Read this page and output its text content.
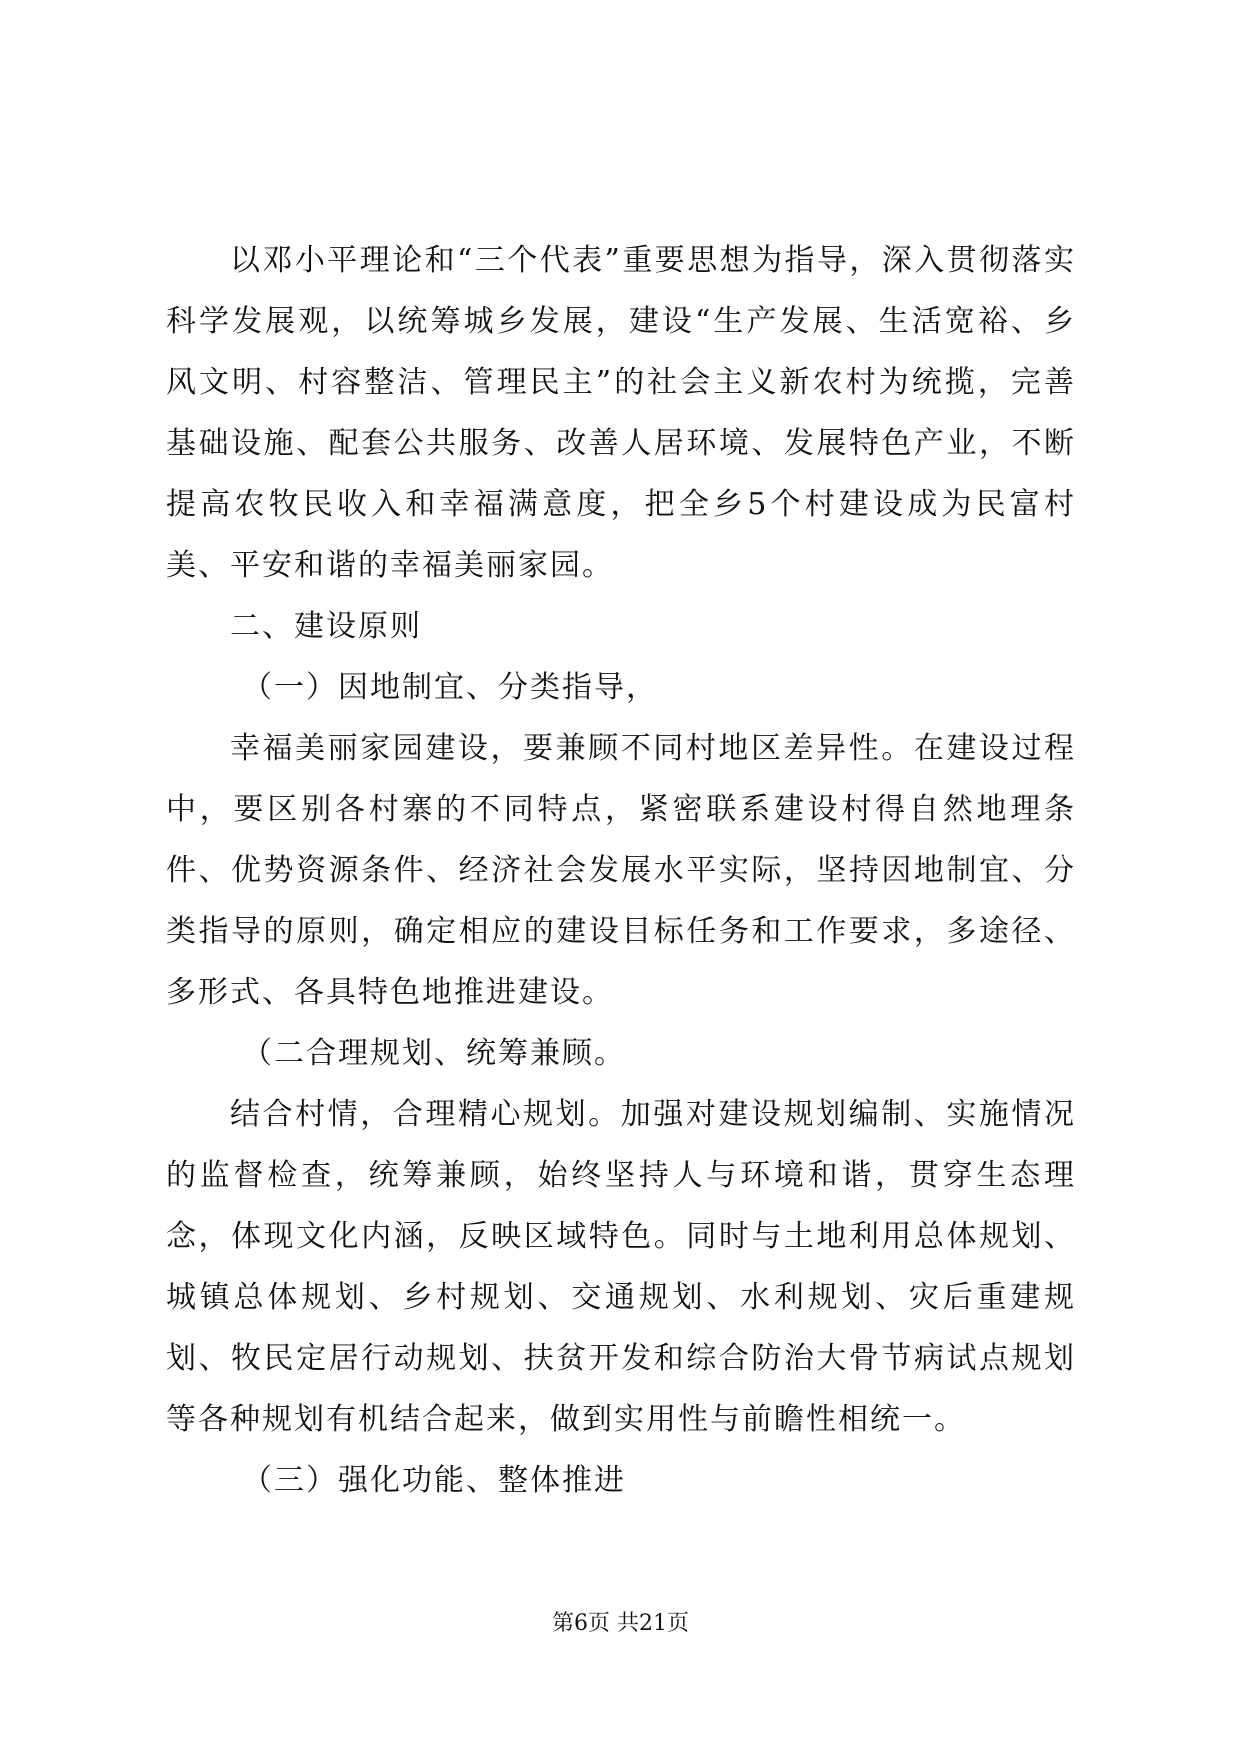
以邓小平理论和“三个代表”重要思想为指导，深入贯彻落实科学发展观，以统筹城乡发展，建设“生产发展、生活宽裕、乡风文明、村容整洁、管理民主”的社会主义新农村为统揽，完善基础设施、配套公共服务、改善人居环境、发展特色产业，不断提高农牧民收入和幸福满意度，把全乡5个村建设成为民富村美、平安和谐的幸福美丽家园。

二、建设原则

（一）因地制宜、分类指导，

幸福美丽家园建设，要兼顾不同村地区差异性。在建设过程中，要区别各村寨的不同特点，紧密联系建设村得自然地理条件、优势资源条件、经济社会发展水平实际，坚持因地制宜、分类指导的原则，确定相应的建设目标任务和工作要求，多途径、多形式、各具特色地推进建设。

（二合理规划、统筹兼顾。

结合村情，合理精心规划。加强对建设规划编制、实施情况的监督检查，统筹兼顾，始终坚持人与环境和谐，贯穿生态理念，体现文化内涵，反映区域特色。同时与土地利用总体规划、城镇总体规划、乡村规划、交通规划、水利规划、灾后重建规划、牧民定居行动规划、扶贫开发和综合防治大骨节病试点规划等各种规划有机结合起来，做到实用性与前瞻性相统一。

（三）强化功能、整体推进

第6页 共21页
